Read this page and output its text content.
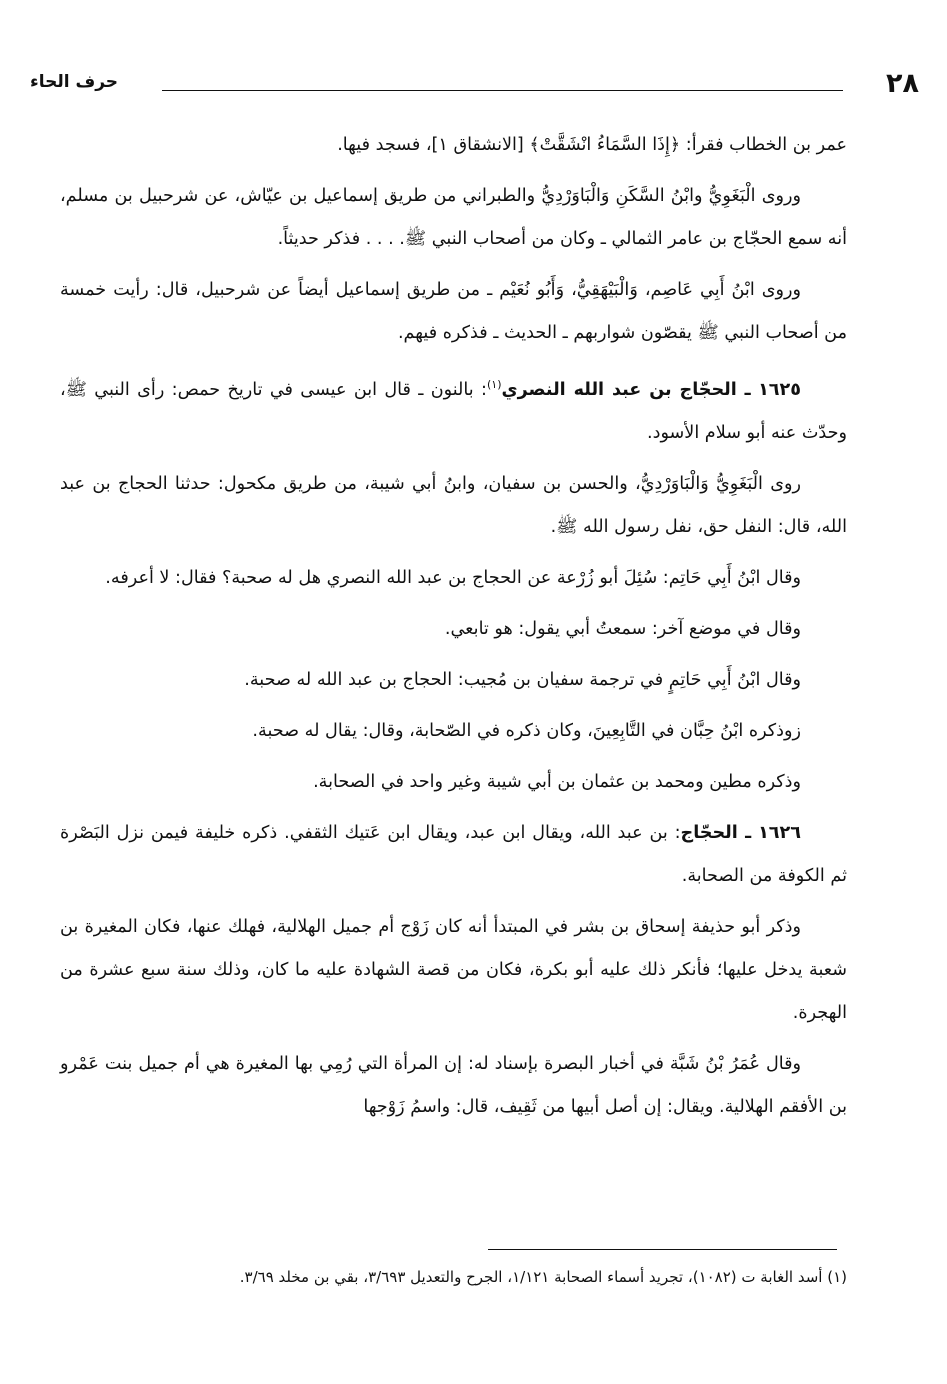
٢٨
حرف الحاء

عمر بن الخطاب فقرأ: ﴿إِذَا السَّمَاءُ انْشَقَّتْ﴾ [الانشقاق ١]، فسجد فيها.

وروى الْبَغَوِيُّ وابْنُ السَّكَنِ وَالْبَاوَرْدِيُّ والطبراني من طريق إسماعيل بن عيّاش، عن شرحبيل بن مسلم، أنه سمع الحجّاج بن عامر الثمالي ـ وكان من أصحاب النبي ﷺ. . . . فذكر حديثاً.

وروى ابْنُ أَبِي عَاصِم، وَالْبَيْهَقِيُّ، وَأَبُو نُعَيْم ـ من طريق إسماعيل أيضاً عن شرحبيل، قال: رأيت خمسة من أصحاب النبي ﷺ يقصّون شواربهم ـ الحديث ـ فذكره فيهم.

١٦٢٥ ـ الحجّاج بن عبد الله النصري$^{(١)}$: بالنون ـ قال ابن عيسى في تاريخ حمص: رأى النبي ﷺ، وحدّث عنه أبو سلام الأسود.

روى الْبَغَوِيُّ وَالْبَاوَرْدِيُّ، والحسن بن سفيان، وابنُ أبي شيبة، من طريق مكحول: حدثنا الحجاج بن عبد الله، قال: النفل حق، نفل رسول الله ﷺ.

وقال ابْنُ أَبِي حَاتِم: سُئِلَ أبو زُرْعة عن الحجاج بن عبد الله النصري هل له صحبة؟ فقال: لا أعرفه.

وقال في موضع آخر: سمعتُ أبي يقول: هو تابعي.

وقال ابْنُ أَبِي حَاتِمٍ في ترجمة سفيان بن مُجيب: الحجاج بن عبد الله له صحبة.

زوذكره ابْنُ حِبَّان في التَّابِعِينَ، وكان ذكره في الصّحابة، وقال: يقال له صحبة.

وذكره مطين ومحمد بن عثمان بن أبي شيبة وغير واحد في الصحابة.

١٦٢٦ ـ الحجّاج: بن عبد الله، ويقال ابن عبد، ويقال ابن عَتيك الثقفي. ذكره خليفة فيمن نزل البَصْرة ثم الكوفة من الصحابة.

وذكر أبو حذيفة إسحاق بن بشر في المبتدأ أنه كان زَوْج أم جميل الهلالية، فهلك عنها، فكان المغيرة بن شعبة يدخل عليها؛ فأنكر ذلك عليه أبو بكرة، فكان من قصة الشهادة عليه ما كان، وذلك سنة سبع عشرة من الهجرة.

وقال عُمَرُ بْنُ شَبَّة في أخبار البصرة بإسناد له: إن المرأة التي رُمِي بها المغيرة هي أم جميل بنت عَمْرو بن الأفقم الهلالية. ويقال: إن أصل أبيها من ثَقِيف، قال: واسمُ زَوْجها

(١) أسد الغابة ت (١٠٨٢)، تجريد أسماء الصحابة ١/١٢١، الجرح والتعديل ٣/٦٩٣، بقي بن مخلد ٣/٦٩.
